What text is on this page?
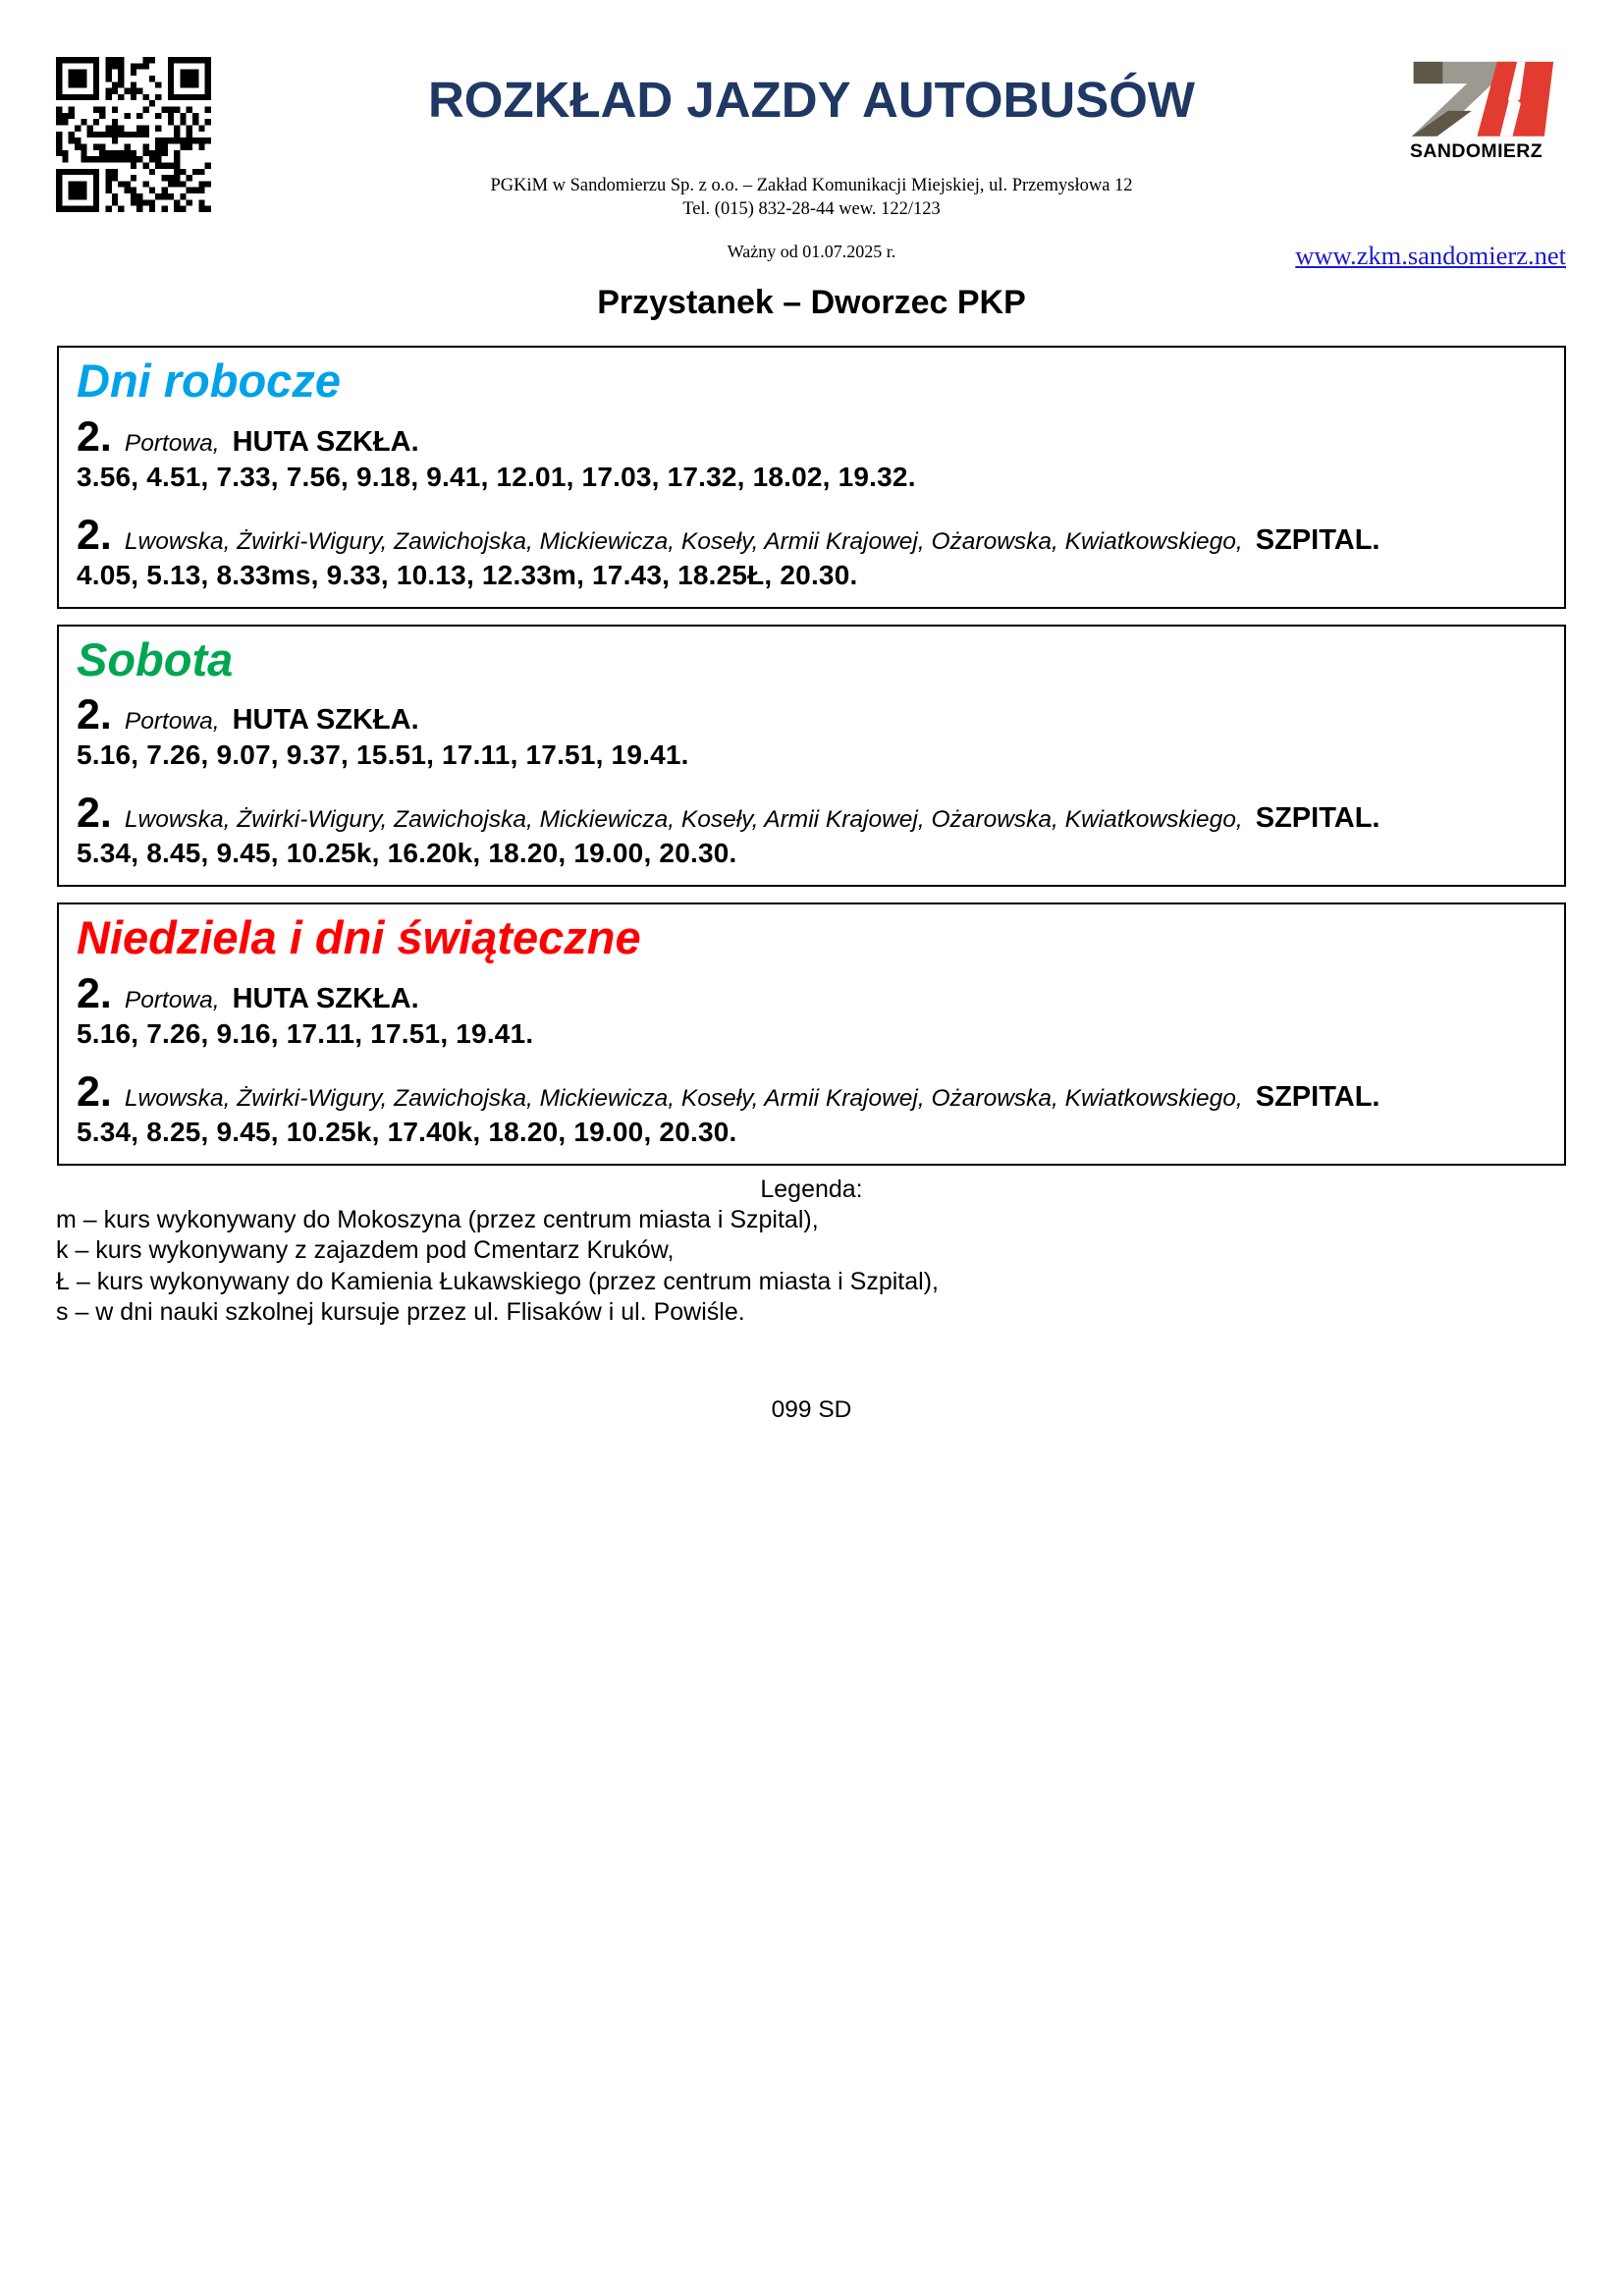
SANDOMIERZ
www.zkm.sandomierz.net
ROZKŁAD JAZDY AUTOBUSÓW

PGKiM w Sandomierzu Sp. z o.o. – Zakład Komunikacji Miejskiej, ul. Przemysłowa 12

Tel. (015) 832-28-44 wew. 122/123

Ważny od 01.07.2025 r.

Przystanek – Dworzec PKP
Dni robocze
2. Portowa, HUTA SZKŁA.
3.56, 4.51, 7.33, 7.56, 9.18, 9.41, 12.01, 17.03, 17.32, 18.02, 19.32.
2. Lwowska, Żwirki-Wigury, Zawichojska, Mickiewicza, Koseły, Armii Krajowej, Ożarowska, Kwiatkowskiego, SZPITAL.
4.05, 5.13, 8.33ms, 9.33, 10.13, 12.33m, 17.43, 18.25Ł, 20.30.
Sobota
2. Portowa, HUTA SZKŁA.
5.16, 7.26, 9.07, 9.37, 15.51, 17.11, 17.51, 19.41.
2. Lwowska, Żwirki-Wigury, Zawichojska, Mickiewicza, Koseły, Armii Krajowej, Ożarowska, Kwiatkowskiego, SZPITAL.
5.34, 8.45, 9.45, 10.25k, 16.20k, 18.20, 19.00, 20.30.
Niedziela i dni świąteczne
2. Portowa, HUTA SZKŁA.
5.16, 7.26, 9.16, 17.11, 17.51, 19.41.
2. Lwowska, Żwirki-Wigury, Zawichojska, Mickiewicza, Koseły, Armii Krajowej, Ożarowska, Kwiatkowskiego, SZPITAL.
5.34, 8.25, 9.45, 10.25k, 17.40k, 18.20, 19.00, 20.30.
Legenda:
m – kurs wykonywany do Mokoszyna (przez centrum miasta i Szpital),
k – kurs wykonywany z zajazdem pod Cmentarz Kruków,
Ł – kurs wykonywany do Kamienia Łukawskiego (przez centrum miasta i Szpital),
s – w dni nauki szkolnej kursuje przez ul. Flisaków i ul. Powiśle.
099 SD
